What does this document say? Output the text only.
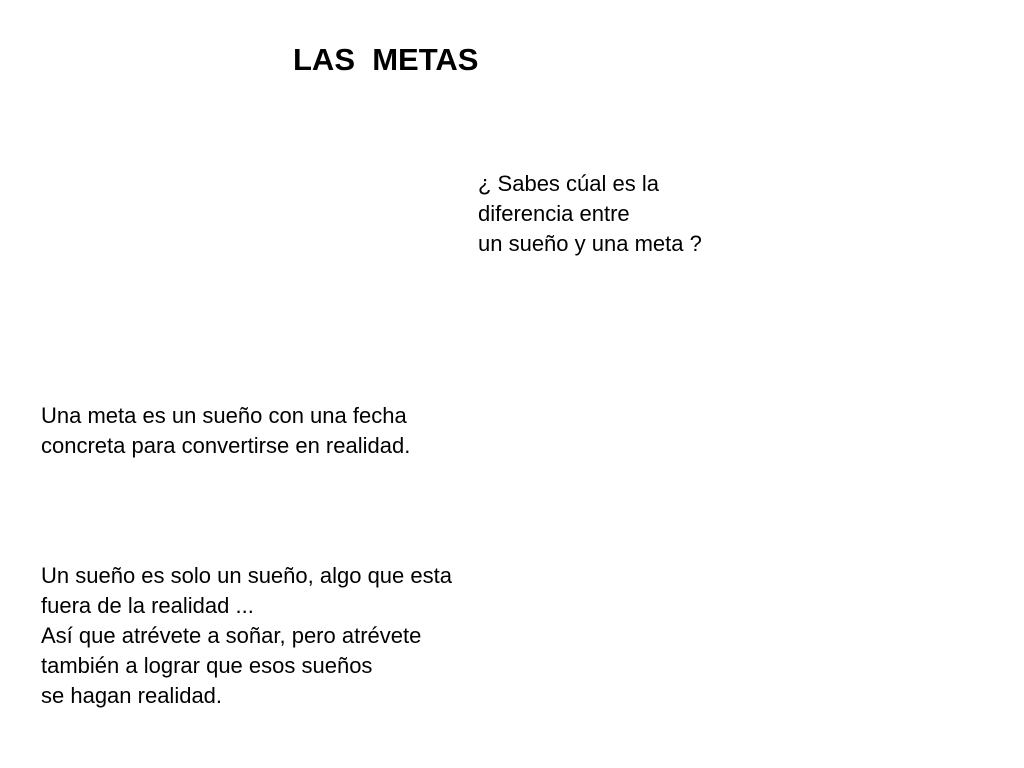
LAS  METAS
¿ Sabes cúal es la
diferencia entre
un sueño y una meta ?
Una meta es un sueño con una fecha
concreta para convertirse en realidad.
Un sueño es solo un sueño, algo que esta
fuera de la realidad ...
Así que atrévete a soñar, pero atrévete
también a lograr que esos sueños
se hagan realidad.
